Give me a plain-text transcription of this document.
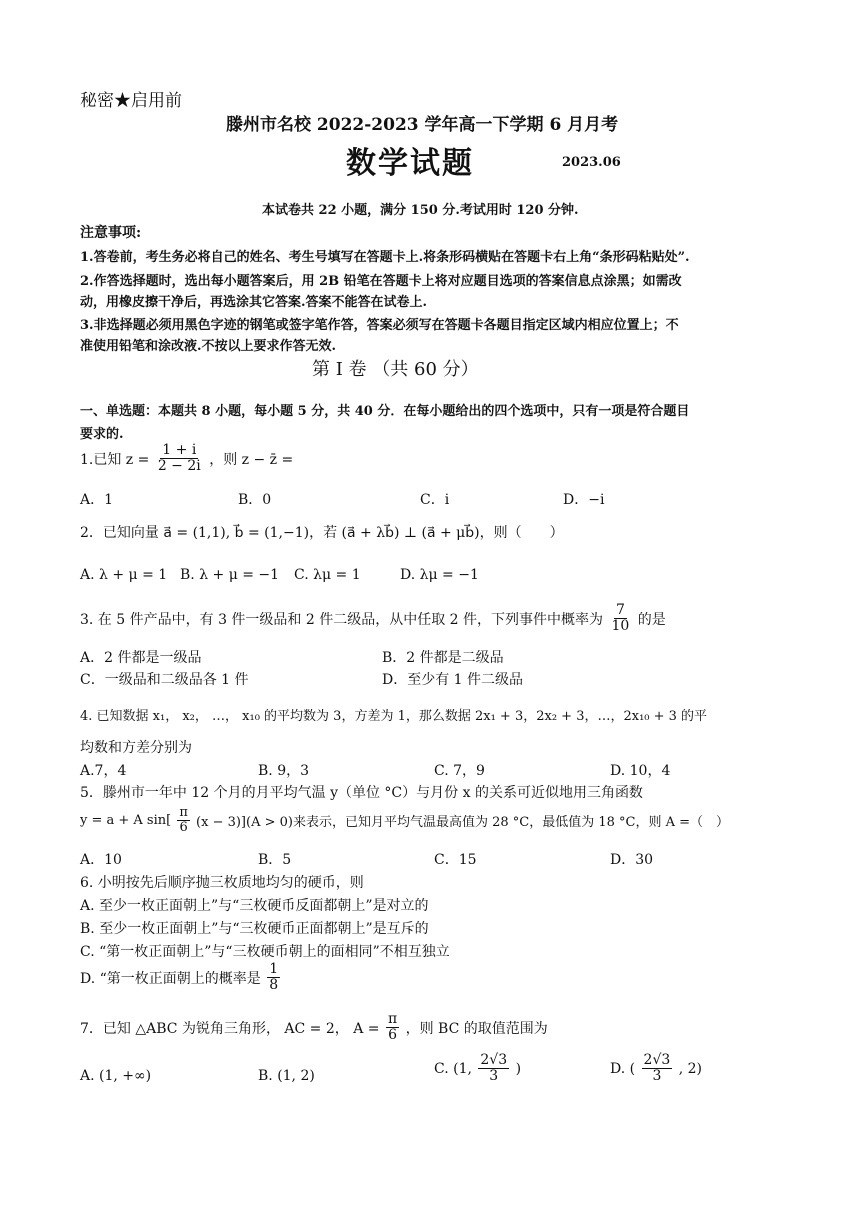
秘密★启用前
滕州市名校 2022-2023 学年高一下学期 6 月月考
数学试题	2023.06
本试卷共 22 小题，满分 150 分.考试用时 120 分钟.
注意事项:
1.答卷前，考生务必将自己的姓名、考生号填写在答题卡上.将条形码横贴在答题卡右上角“条形码粘贴处”.
2.作答选择题时，选出每小题答案后，用 2B 铅笔在答题卡上将对应题目选项的答案信息点涂黑；如需改
动，用橡皮擦干净后，再选涂其它答案.答案不能答在试卷上.
3.非选择题必须用黑色字迹的钢笔或签字笔作答，答案必须写在答题卡各题目指定区域内相应位置上；不
准使用铅笔和涂改液.不按以上要求作答无效.
第 I 卷 （共 60 分）
一、单选题：本题共 8 小题，每小题 5 分，共 40 分．在每小题给出的四个选项中，只有一项是符合题目
要求的.
1.已知 $z = \frac{1 + i}{2 - 2i}$ ，则 z − z̄ =
A．1	B．0	C．i	D．−i
2．已知向量 a⃗ = (1,1), b⃗ = (1,−1)，若 (a⃗ + λb⃗) ⊥ (a⃗ + μb⃗)，则（　　）
A. λ + μ = 1 B. λ + μ = −1 C. λμ = 1	D. λμ = −1
3. 在 5 件产品中，有 3 件一级品和 2 件二级品，从中任取 2 件，下列事件中概率为 $\frac{7}{10}$ 的是
A．2 件都是一级品	B．2 件都是二级品
C．一级品和二级品各 1 件	D．至少有 1 件二级品
4. 已知数据 x₁， x₂， …， x₁₀ 的平均数为 3，方差为 1，那么数据 2x₁ + 3，2x₂ + 3，…，2x₁₀ + 3 的平
均数和方差分别为
A.7，4	B. 9，3	C. 7，9	D. 10，4
5．滕州市一年中 12 个月的月平均气温 y（单位 °C）与月份 x 的关系可近似地用三角函数
y = a + A $\sin[ \frac{\pi}{6} (x - 3)](A > 0)$来表示，已知月平均气温最高值为 28 °C，最低值为 18 °C，则 A =（　）
A．10	B．5	C．15	D．30
6. 小明按先后顺序抛三枚质地均匀的硬币，则
A. 至少一枚正面朝上”与“三枚硬币反面都朝上”是对立的
B. 至少一枚正面朝上”与“三枚硬币正面都朝上”是互斥的
C. “第一枚正面朝上”与“三枚硬币朝上的面相同”不相互独立
D. “第一枚正面朝上的概率是 $\frac{1}{8}$
7．已知 △ABC 为锐角三角形， AC = 2， $A = \frac{\pi}{6}$ ，则 BC 的取值范围为
A. (1, +∞)	B. (1, 2)	C. (1, $\frac{2√3}{3}$ )	D. ( $\frac{2√3}{3}$ , 2)
